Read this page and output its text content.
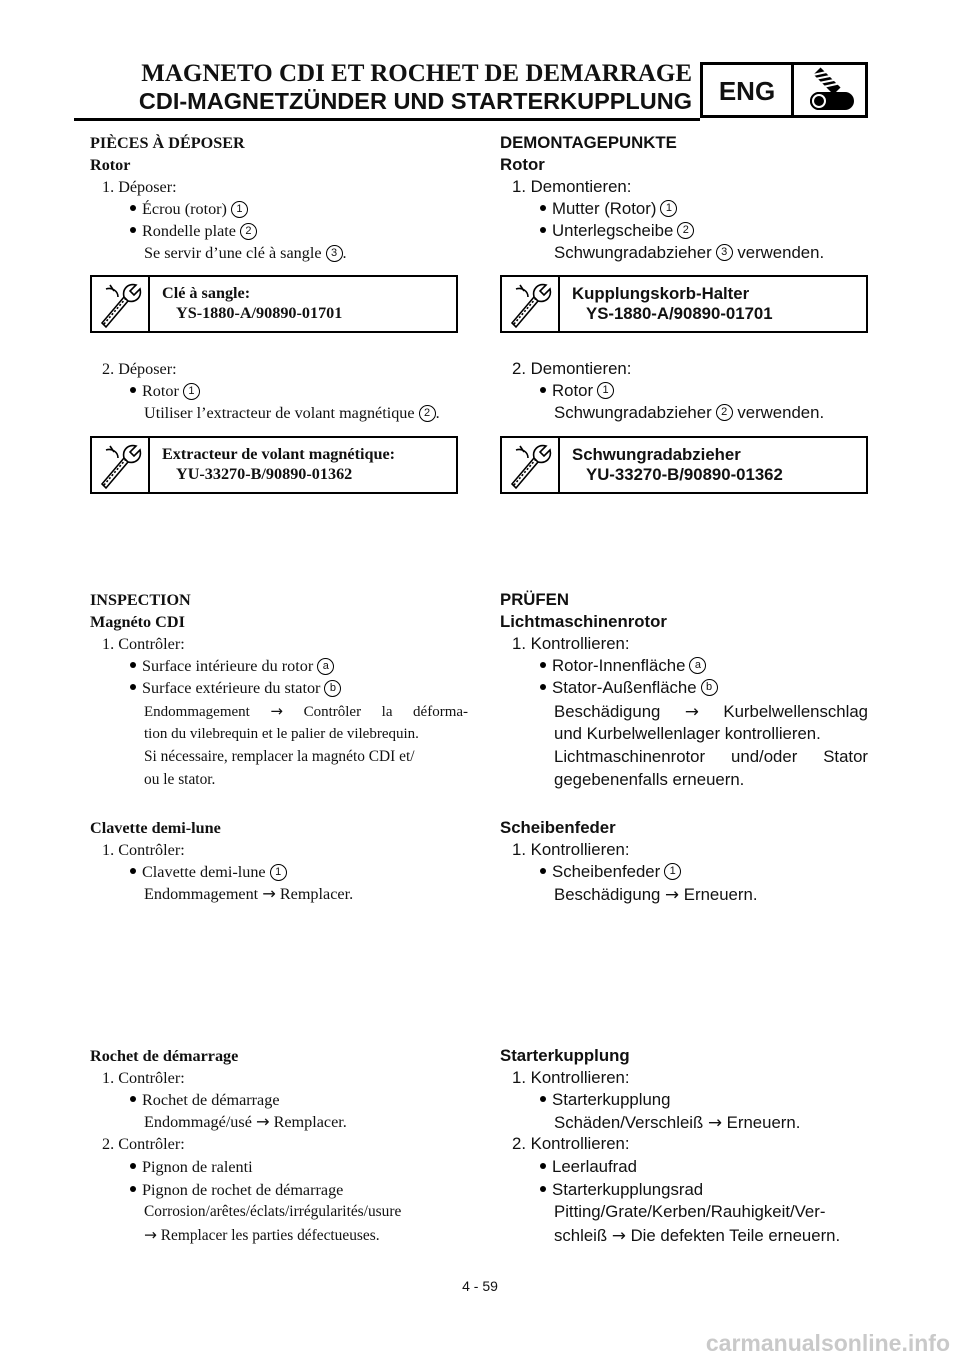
MAGNETO CDI ET ROCHET DE DEMARRAGE
CDI-MAGNETZÜNDER UND STARTERKUPPLUNG	ENG
PIÈCES À DÉPOSER
Rotor
1. Déposer:
Écrou (rotor) 1
Rondelle plate 2
Se servir d’une clé à sangle 3 .
Clé à sangle:
YS-1880-A/90890-01701
2. Déposer:
Rotor 1
Utiliser l’extracteur de volant magnétique 2 .
Extracteur de volant magnétique:
YU-33270-B/90890-01362
INSPECTION
Magnéto CDI
1. Contrôler:
Surface intérieure du rotor a
Surface extérieure du stator b
Endommagement → Contrôler la déforma-
tion du vilebrequin et le palier de vilebrequin.
Si nécessaire, remplacer la magnéto CDI et/
ou le stator.
Clavette demi-lune
1. Contrôler:
Clavette demi-lune 1
Endommagement → Remplacer.
Rochet de démarrage
1. Contrôler:
Rochet de démarrage
Endommagé/usé → Remplacer.
2. Contrôler:
Pignon de ralenti
Pignon de rochet de démarrage
Corrosion/arêtes/éclats/irrégularités/usure
→ Remplacer les parties défectueuses.
DEMONTAGEPUNKTE
Rotor
1. Demontieren:
Mutter (Rotor) 1
Unterlegscheibe 2
Schwungradabzieher 3 verwenden.
Kupplungskorb-Halter
YS-1880-A/90890-01701
2. Demontieren:
Rotor 1
Schwungradabzieher 2 verwenden.
Schwungradabzieher
YU-33270-B/90890-01362
PRÜFEN
Lichtmaschinenrotor
1. Kontrollieren:
Rotor-Innenfläche a
Stator-Außenfläche b
Beschädigung → Kurbelwellenschlag
und Kurbelwellenlager kontrollieren.
Lichtmaschinenrotor und/oder Stator
gegebenenfalls erneuern.
Scheibenfeder
1. Kontrollieren:
Scheibenfeder 1
Beschädigung → Erneuern.
Starterkupplung
1. Kontrollieren:
Starterkupplung
Schäden/Verschleiß → Erneuern.
2. Kontrollieren:
Leerlaufrad
Starterkupplungsrad
Pitting/Grate/Kerben/Rauhigkeit/Ver-
schleiß → Die defekten Teile erneuern.
4 - 59
carmanualsonline.info
